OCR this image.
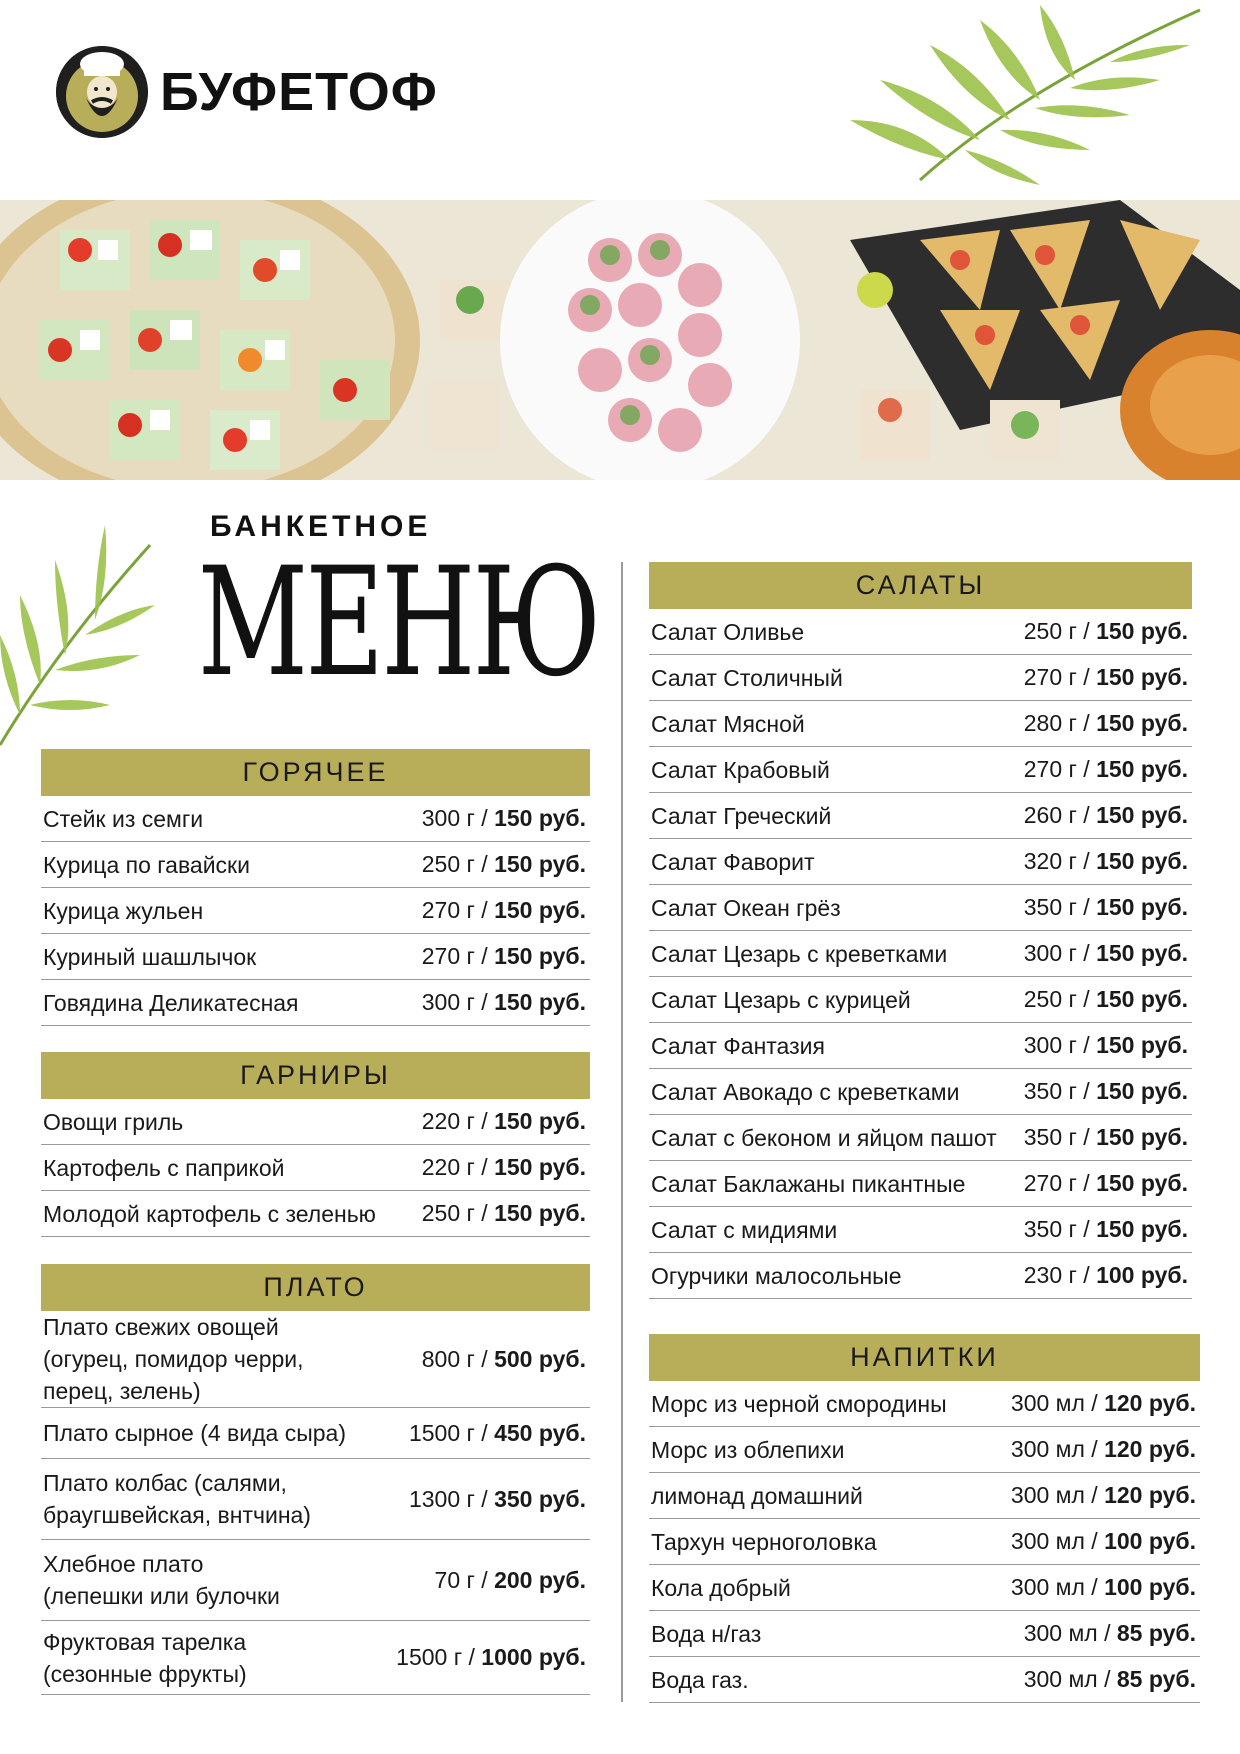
БУФЕТОФ
БАНКЕТНОЕ
МЕНЮ
ГОРЯЧЕЕ
Стейк из семги	300 г / 150 руб.
Курица по гавайски	250 г / 150 руб.
Курица жульен	270 г / 150 руб.
Куриный шашлычок	270 г / 150 руб.
Говядина Деликатесная	300 г / 150 руб.
ГАРНИРЫ
Овощи гриль	220 г / 150 руб.
Картофель с паприкой	220 г / 150 руб.
Молодой картофель с зеленью 250 г / 150 руб.
ПЛАТО
Плато свежих овощей
(огурец, помидор черри,
перец, зелень)
800 г / 500 руб.
Плато сырное (4 вида сыра)	1500 г / 450 руб.
Плато колбас (салями,
браугшвейская, внтчина)
1300 г / 350 руб.
Хлебное плато
(лепешки или булочки
70 г / 200 руб.
Фруктовая тарелка
(сезонные фрукты)
1500 г / 1000 руб.
САЛАТЫ
Салат Оливье	250 г / 150 руб.
Салат Столичный	270 г / 150 руб.
Салат Мясной	280 г / 150 руб.
Салат Крабовый	270 г / 150 руб.
Салат Греческий	260 г / 150 руб.
Салат Фаворит	320 г / 150 руб.
Салат Океан грёз	350 г / 150 руб.
Салат Цезарь с креветками	300 г / 150 руб.
Салат Цезарь с курицей	250 г / 150 руб.
Салат Фантазия	300 г / 150 руб.
Салат Авокадо с креветками	350 г / 150 руб.
Салат с беконом и яйцом пашот 350 г / 150 руб.
Салат Баклажаны пикантные	270 г / 150 руб.
Салат с мидиями	350 г / 150 руб.
Огурчики малосольные	230 г / 100 руб.
НАПИТКИ
Морс из черной смородины	300 мл / 120 руб.
Морс из облепихи	300 мл / 120 руб.
лимонад домашний	300 мл / 120 руб.
Тархун черноголовка	300 мл / 100 руб.
Кола добрый	300 мл / 100 руб.
Вода н/газ	300 мл / 85 руб.
Вода газ.	300 мл / 85 руб.
